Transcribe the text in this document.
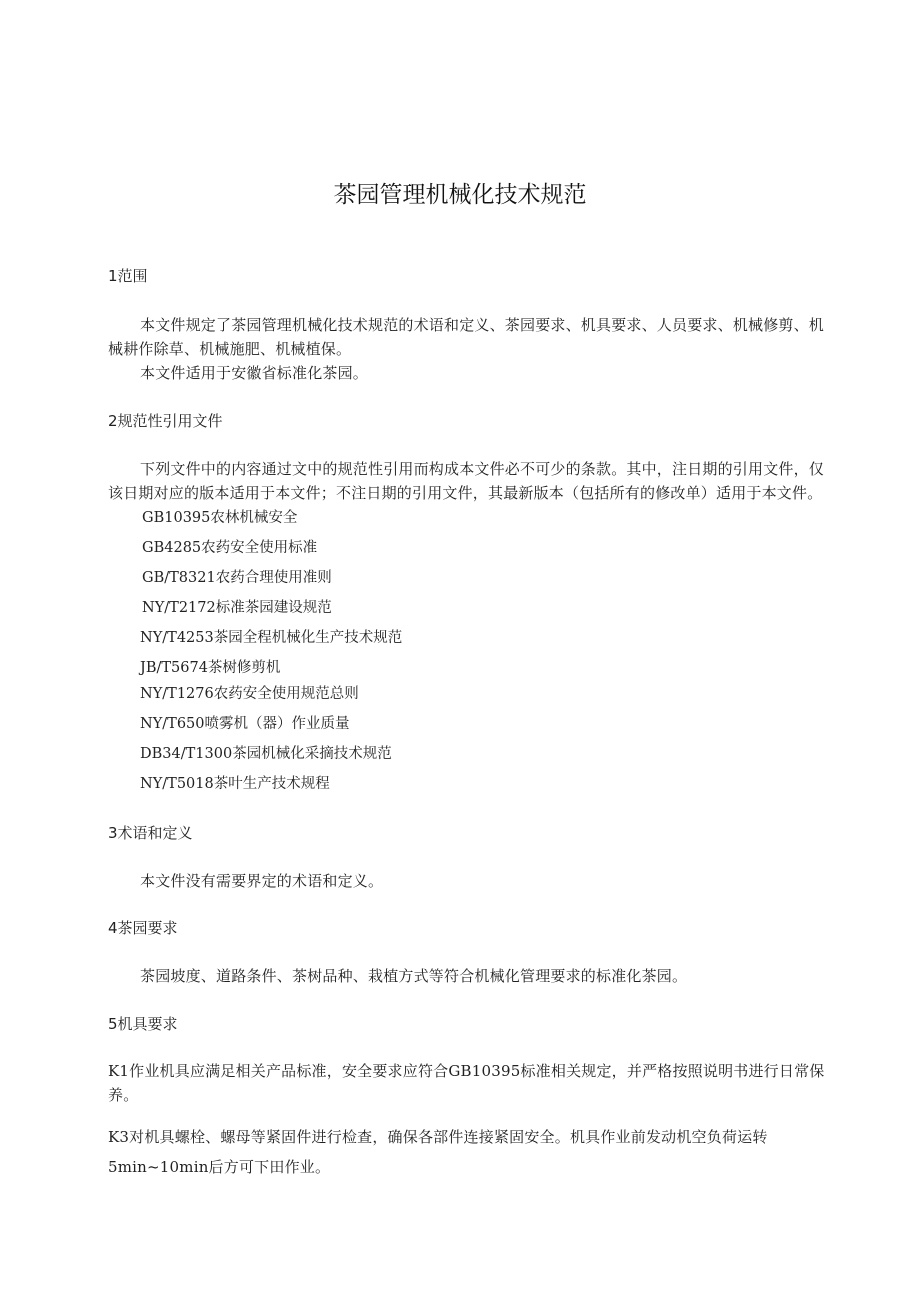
茶园管理机械化技术规范
1范围

本文件规定了茶园管理机械化技术规范的术语和定义、茶园要求、机具要求、人员要求、机械修剪、机械耕作除草、机械施肥、机械植保。

本文件适用于安徽省标准化茶园。

2规范性引用文件

下列文件中的内容通过文中的规范性引用而构成本文件必不可少的条款。其中，注日期的引用文件，仅该日期对应的版本适用于本文件；不注日期的引用文件，其最新版本（包括所有的修改单）适用于本文件。

GB10395农林机械安全
GB4285农药安全使用标准
GB/T8321农药合理使用准则
NY/T2172标准茶园建设规范
NY/T4253茶园全程机械化生产技术规范
JB/T5674茶树修剪机
NY/T1276农药安全使用规范总则
NY/T650喷雾机（器）作业质量
DB34/T1300茶园机械化采摘技术规范
NY/T5018茶叶生产技术规程
3术语和定义

本文件没有需要界定的术语和定义。

4茶园要求

茶园坡度、道路条件、茶树品种、栽植方式等符合机械化管理要求的标准化茶园。

5机具要求

K1作业机具应满足相关产品标准，安全要求应符合GB10395标准相关规定，并严格按照说明书进行日常保养。

K3对机具螺栓、螺母等紧固件进行检查，确保各部件连接紧固安全。机具作业前发动机空负荷运转

5min~10min后方可下田作业。
